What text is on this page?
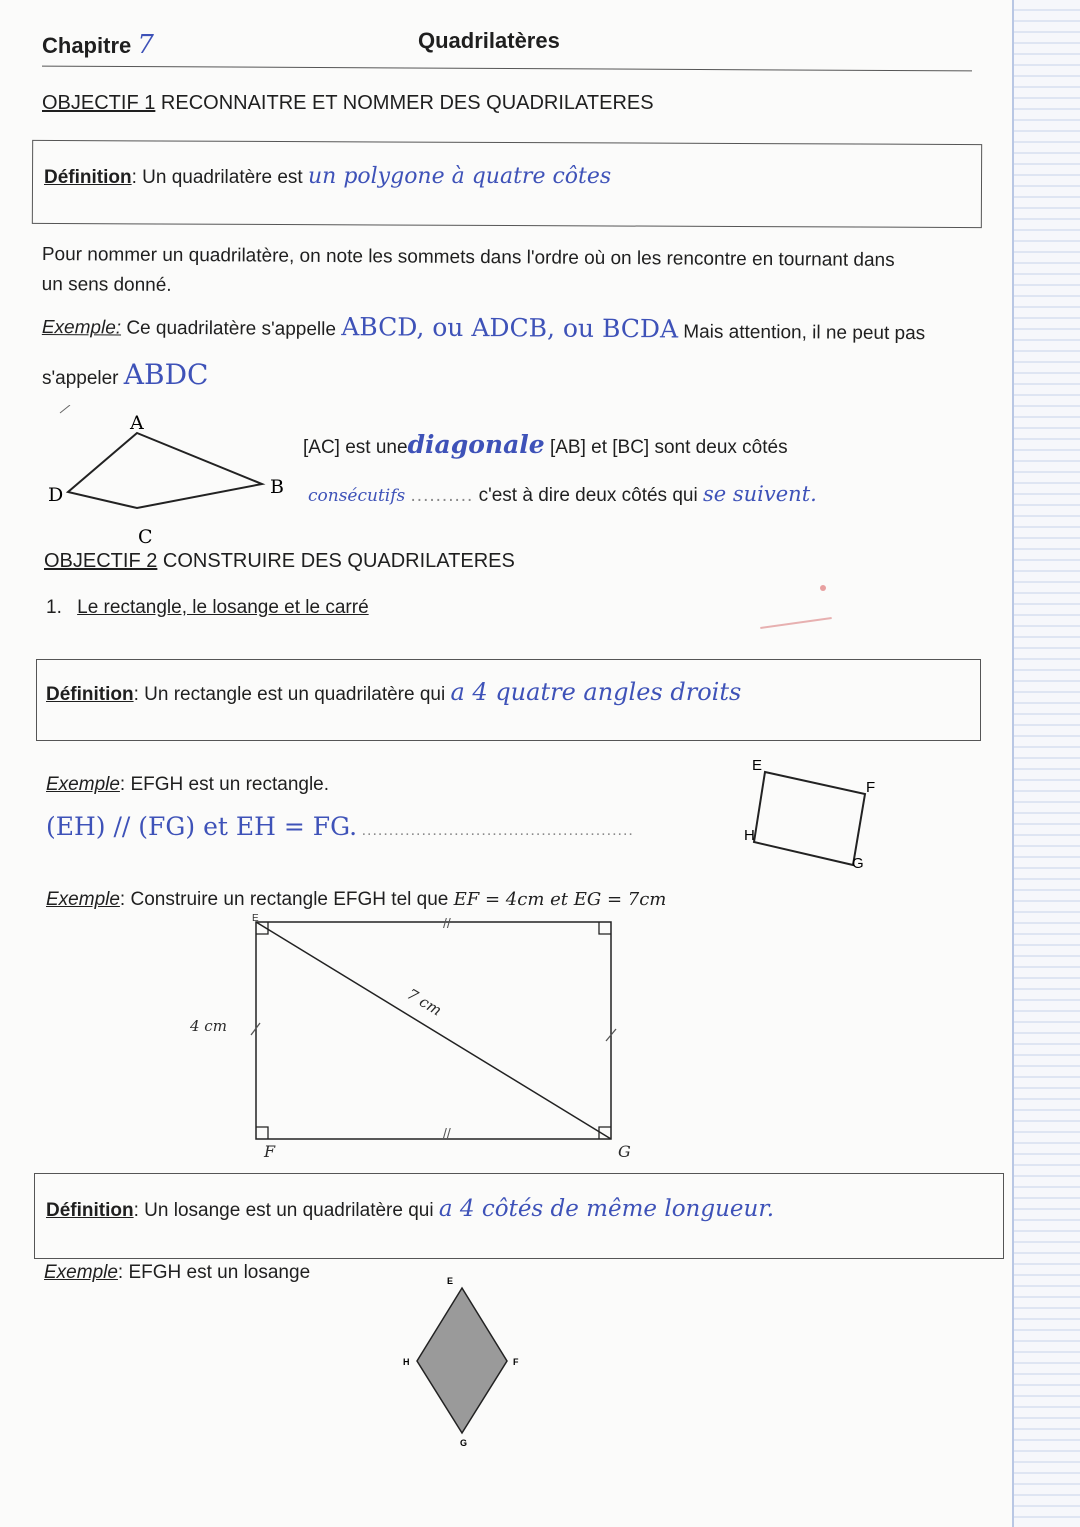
Chapitre 7	Quadrilatères
OBJECTIF 1 RECONNAITRE ET NOMMER DES QUADRILATERES
Définition: Un quadrilatère est un polygone à quatre côtes
Pour nommer un quadrilatère, on note les sommets dans l'ordre où on les rencontre en tournant dans
un sens donné.
Exemple: Ce quadrilatère s'appelle ABCD, ou ADCB, ou BCDA Mais attention, il ne peut pas
s'appeler ABDC
A
B
C
D
[AC] est unediagonale [AB] et [BC] sont deux côtés
consécutifs .......... c'est à dire deux côtés qui se suivent.
OBJECTIF 2 CONSTRUIRE DES QUADRILATERES
1. Le rectangle, le losange et le carré
Définition: Un rectangle est un quadrilatère qui a 4 quatre angles droits
Exemple: EFGH est un rectangle.
(EH) // (FG) et EH = FG. ..................................................
E
F
G
H
Exemple: Construire un rectangle EFGH tel que EF = 4cm et EG = 7cm
//
//
4 cm
7 cm
E
F	G
Définition: Un losange est un quadrilatère qui a 4 côtés de même longueur.
Exemple: EFGH est un losange	E
F
G
H
